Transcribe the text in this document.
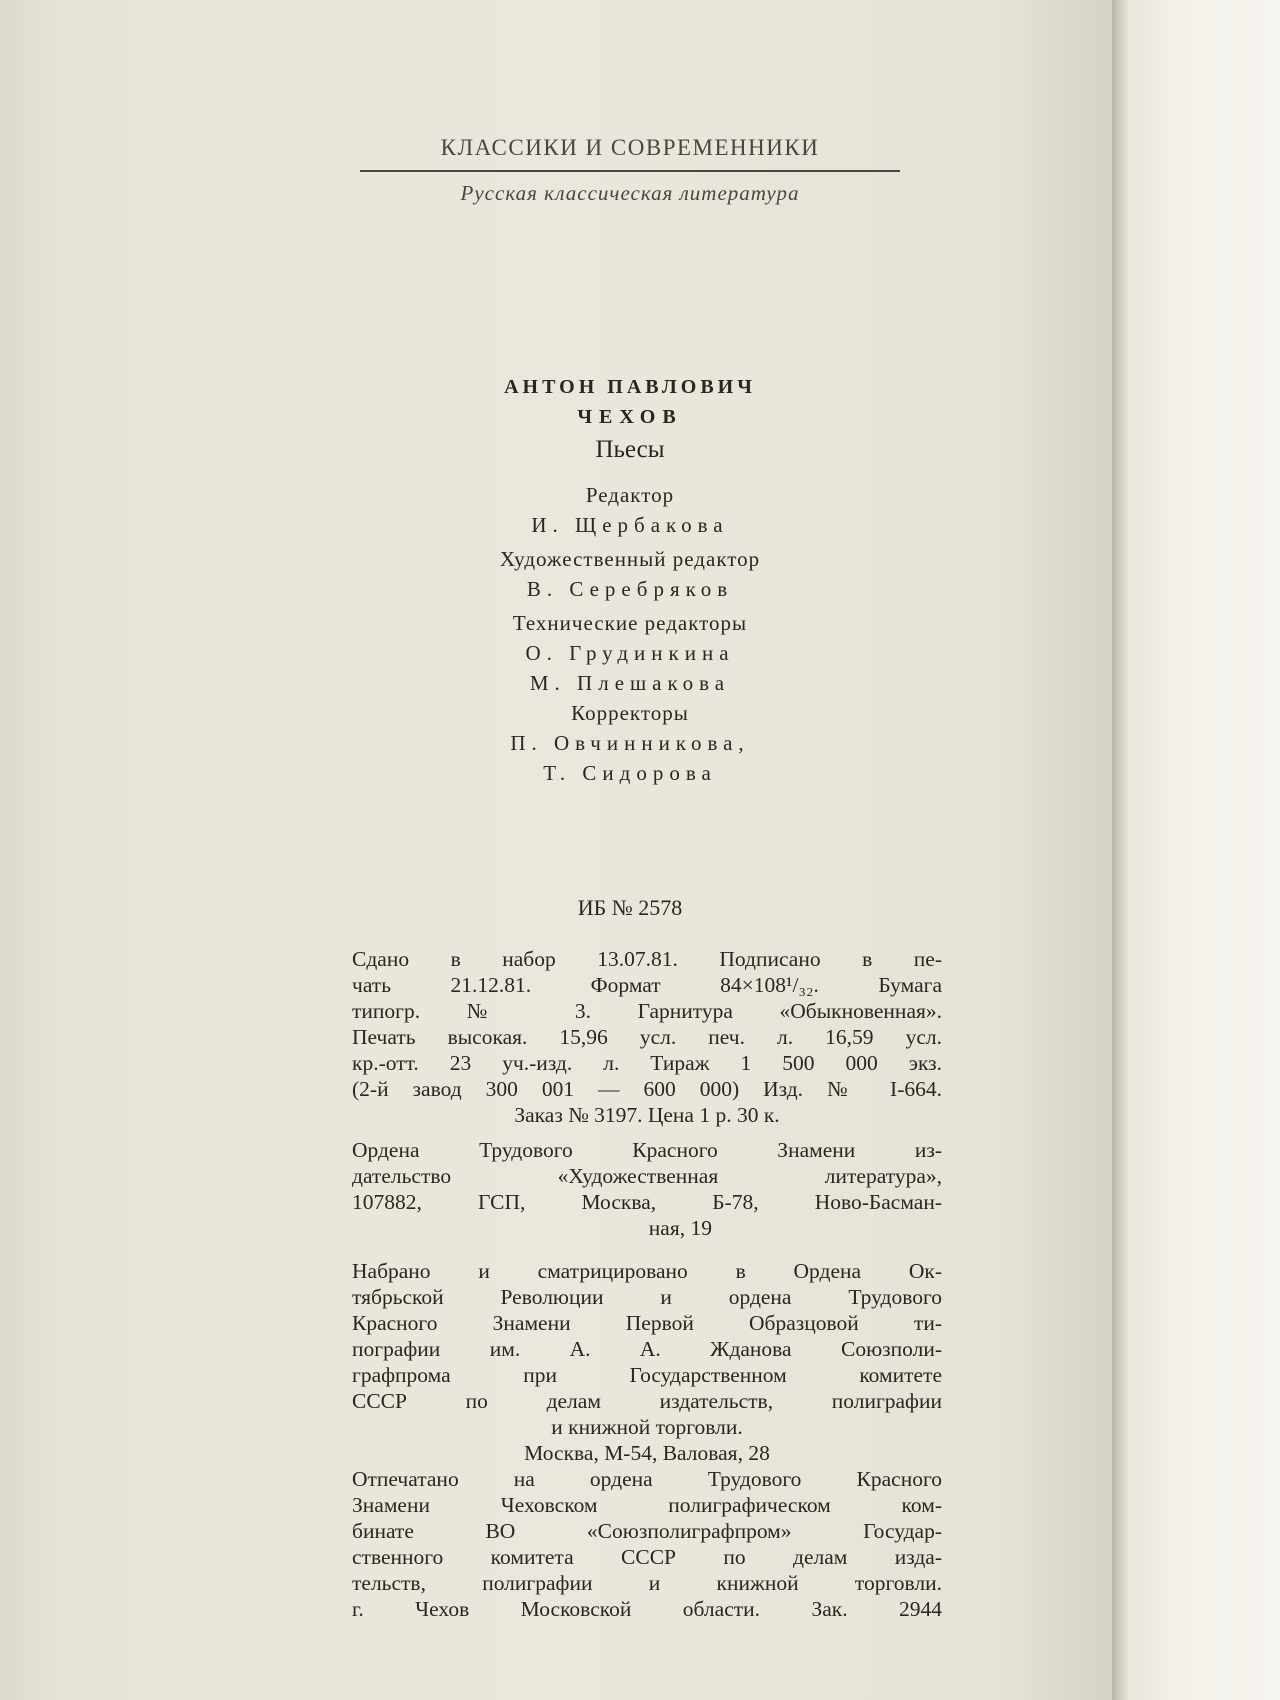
КЛАССИКИ И СОВРЕМЕННИКИ
Русская классическая литература
АНТОН ПАВЛОВИЧ
ЧЕХОВ
Пьесы
Редактор
И. Щербакова
Художественный редактор
В. Серебряков
Технические редакторы
О. Грудинкина
М. Плешакова
Корректоры
П. Овчинникова,
Т. Сидорова
ИБ № 2578
Сдано в набор 13.07.81. Подписано в пе-
чать 21.12.81. Формат 84×108¹/₃₂. Бумага
типогр. № 3. Гарнитура «Обыкновенная».
Печать высокая. 15,96 усл. печ. л. 16,59 усл.
кр.-отт. 23 уч.-изд. л. Тираж 1 500 000 экз.
(2-й завод 300 001 — 600 000) Изд. № I-664.
Заказ № 3197. Цена 1 р. 30 к.
Ордена Трудового Красного Знамени из-
дательство «Художественная литература»,
107882, ГСП, Москва, Б-78, Ново-Басман-
ная, 19
Набрано и сматрицировано в Ордена Ок-
тябрьской Революции и ордена Трудового
Красного Знамени Первой Образцовой ти-
пографии им. А. А. Жданова Союзполи-
графпрома при Государственном комитете
СССР по делам издательств, полиграфии
и книжной торговли.
Москва, М-54, Валовая, 28
Отпечатано на ордена Трудового Красного
Знамени Чеховском полиграфическом ком-
бинате ВО «Союзполиграфпром» Государ-
ственного комитета СССР по делам изда-
тельств, полиграфии и книжной торговли.
г. Чехов Московской области. Зак. 2944
